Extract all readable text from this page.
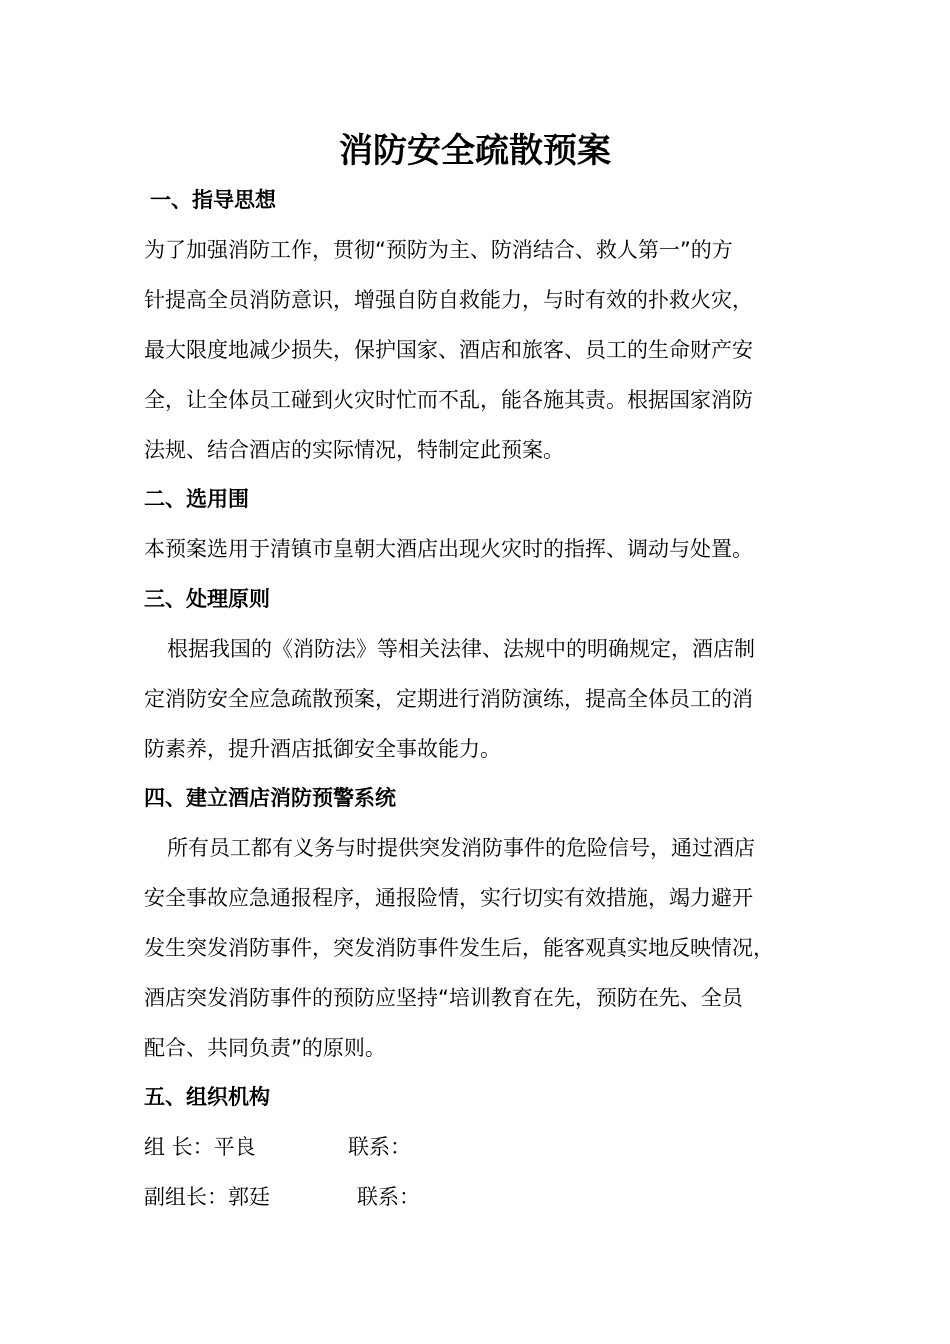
消防安全疏散预案
一、指导思想
为了加强消防工作，贯彻“预防为主、防消结合、救人第一”的方
针提高全员消防意识，增强自防自救能力，与时有效的扑救火灾，
最大限度地减少损失，保护国家、酒店和旅客、员工的生命财产安
全，让全体员工碰到火灾时忙而不乱，能各施其责。根据国家消防
法规、结合酒店的实际情况，特制定此预案。
二、选用围
本预案选用于清镇市皇朝大酒店出现火灾时的指挥、调动与处置。
三、处理原则
根据我国的《消防法》等相关法律、法规中的明确规定，酒店制
定消防安全应急疏散预案，定期进行消防演练，提高全体员工的消
防素养，提升酒店抵御安全事故能力。
四、建立酒店消防预警系统
所有员工都有义务与时提供突发消防事件的危险信号，通过酒店
安全事故应急通报程序，通报险情，实行切实有效措施，竭力避开
发生突发消防事件，突发消防事件发生后，能客观真实地反映情况，
酒店突发消防事件的预防应坚持“培训教育在先，预防在先、全员
配合、共同负责”的原则。
五、组织机构
组 长：平良	联系：
副组长：郭廷	联系：
